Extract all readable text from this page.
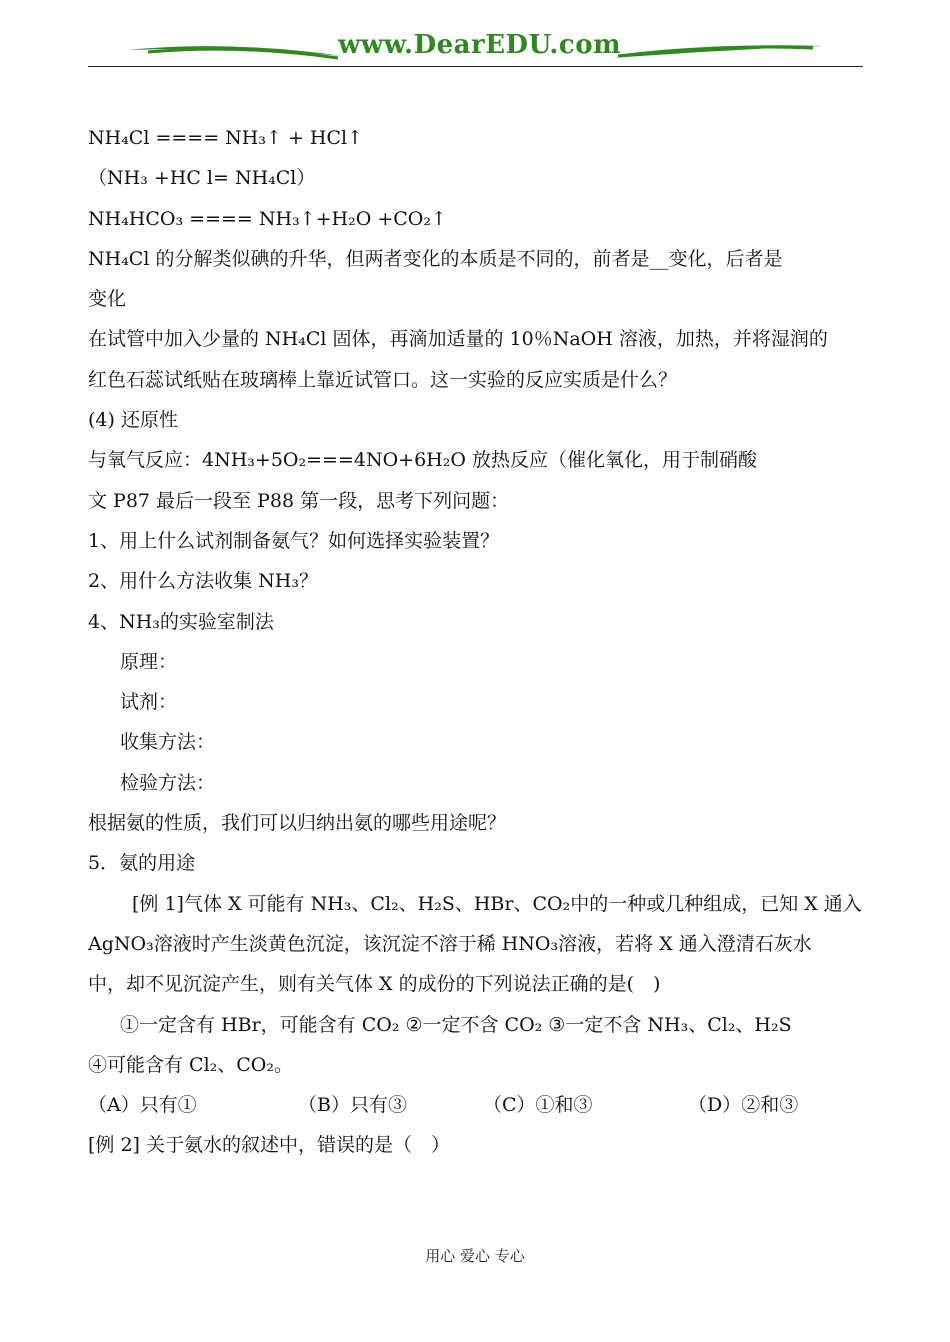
www.DearEDU.com
NH₄Cl ==== NH₃↑ + HCl↑
（NH₃ +HC l= NH₄Cl）
NH₄HCO₃ ==== NH₃↑+H₂O +CO₂↑
NH₄Cl 的分解类似碘的升华，但两者变化的本质是不同的，前者是__变化，后者是
变化
在试管中加入少量的 NH₄Cl 固体，再滴加适量的 10％NaOH 溶液，加热，并将湿润的
红色石蕊试纸贴在玻璃棒上靠近试管口。这一实验的反应实质是什么？
(4) 还原性
与氧气反应：4NH₃+5O₂===4NO+6H₂O 放热反应（催化氧化，用于制硝酸
文 P87 最后一段至 P88 第一段，思考下列问题：
1、用上什么试剂制备氨气？如何选择实验装置？
2、用什么方法收集 NH₃？
4、NH₃的实验室制法
原理：
试剂：
收集方法：
检验方法：
根据氨的性质，我们可以归纳出氨的哪些用途呢？
5．氨的用途
[例 1]气体 X 可能有 NH₃、Cl₂、H₂S、HBr、CO₂中的一种或几种组成，已知 X 通入
AgNO₃溶液时产生淡黄色沉淀，该沉淀不溶于稀 HNO₃溶液，若将 X 通入澄清石灰水
中，却不见沉淀产生，则有关气体 X 的成份的下列说法正确的是(　)
①一定含有 HBr，可能含有 CO₂ ②一定不含 CO₂ ③一定不含 NH₃、Cl₂、H₂S
④可能含有 Cl₂、CO₂。
（A）只有①	（B）只有③	（C）①和③	（D）②和③
[例 2] 关于氨水的叙述中，错误的是（　）
用心 爱心 专心
